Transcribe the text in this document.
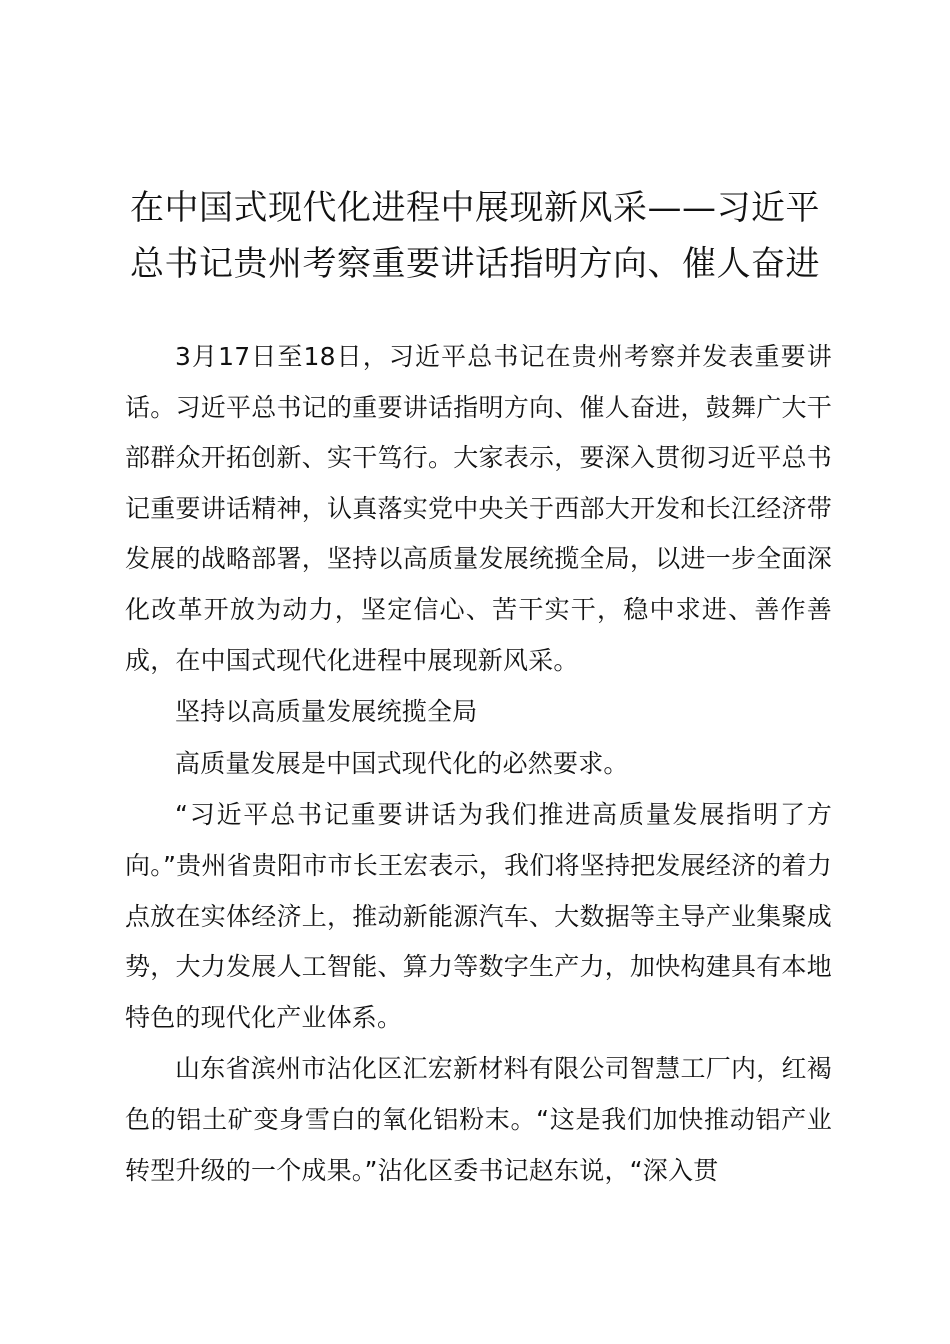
在中国式现代化进程中展现新风采——习近平总书记贵州考察重要讲话指明方向、催人奋进

3月17日至18日，习近平总书记在贵州考察并发表重要讲话。习近平总书记的重要讲话指明方向、催人奋进，鼓舞广大干部群众开拓创新、实干笃行。大家表示，要深入贯彻习近平总书记重要讲话精神，认真落实党中央关于西部大开发和长江经济带发展的战略部署，坚持以高质量发展统揽全局，以进一步全面深化改革开放为动力，坚定信心、苦干实干，稳中求进、善作善成，在中国式现代化进程中展现新风采。

坚持以高质量发展统揽全局

高质量发展是中国式现代化的必然要求。

“习近平总书记重要讲话为我们推进高质量发展指明了方向。”贵州省贵阳市市长王宏表示，我们将坚持把发展经济的着力点放在实体经济上，推动新能源汽车、大数据等主导产业集聚成势，大力发展人工智能、算力等数字生产力，加快构建具有本地特色的现代化产业体系。

山东省滨州市沾化区汇宏新材料有限公司智慧工厂内，红褐色的铝土矿变身雪白的氧化铝粉末。“这是我们加快推动铝产业转型升级的一个成果。”沾化区委书记赵东说，“深入贯
